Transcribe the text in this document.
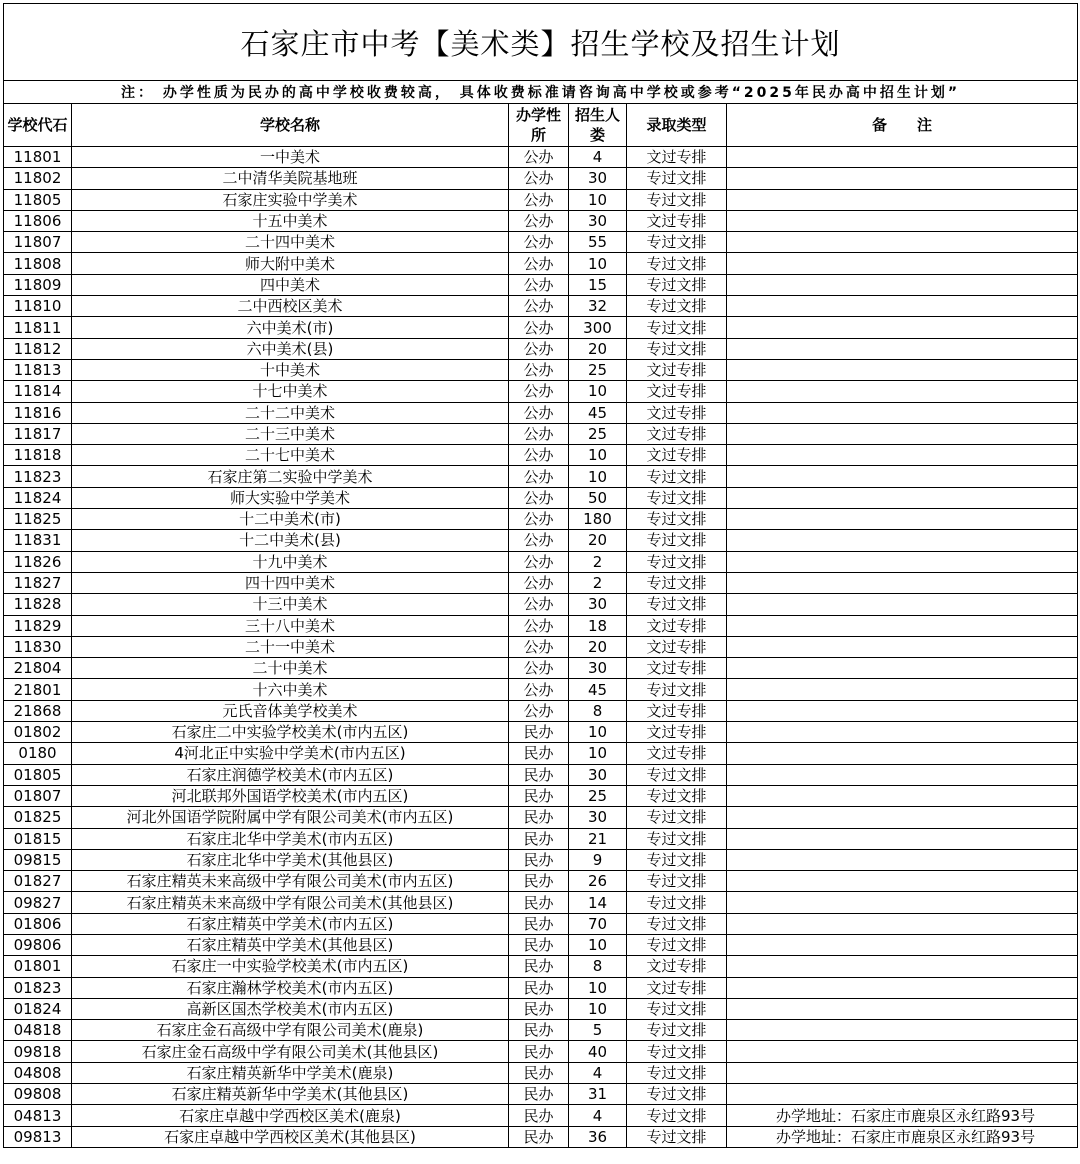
石家庄市中考【美术类】招生学校及招生计划					
注： 办学性质为民办的高中学校收费较高， 具体收费标准请咨询高中学校或参考“2025年民办高中招生计划”					
学校代石	学校名称	办学性所	招生人娄	录取类型	备　　注
11801	一中美术	公办	4	文过专排	
11802	二中清华美院基地班	公办	30	专过文排	
11805	石家庄实验中学美术	公办	10	专过文排	
11806	十五中美术	公办	30	文过专排	
11807	二十四中美术	公办	55	专过文排	
11808	师大附中美术	公办	10	专过文排	
11809	四中美术	公办	15	专过文排	
11810	二中西校区美术	公办	32	专过文排	
11811	六中美术(市)	公办	300	专过文排	
11812	六中美术(县)	公办	20	专过文排	
11813	十中美术	公办	25	文过专排	
11814	十七中美术	公办	10	文过专排	
11816	二十二中美术	公办	45	文过专排	
11817	二十三中美术	公办	25	文过专排	
11818	二十七中美术	公办	10	文过专排	
11823	石家庄第二实验中学美术	公办	10	专过文排	
11824	师大实验中学美术	公办	50	专过文排	
11825	十二中美术(市)	公办	180	专过文排	
11831	十二中美术(县)	公办	20	专过文排	
11826	十九中美术	公办	2	专过文排	
11827	四十四中美术	公办	2	专过文排	
11828	十三中美术	公办	30	专过文排	
11829	三十八中美术	公办	18	文过专排	
11830	二十一中美术	公办	20	文过专排	
21804	二十中美术	公办	30	文过专排	
21801	十六中美术	公办	45	专过文排	
21868	元氏音体美学校美术	公办	8	文过专排	
01802	石家庄二中实验学校美术(市内五区)	民办	10	文过专排	
0180	4河北正中实验中学美术(市内五区)	民办	10	文过专排	
01805	石家庄润德学校美术(市内五区)	民办	30	专过文排	
01807	河北联邦外国语学校美术(市内五区)	民办	25	专过文排	
01825	河北外国语学院附属中学有限公司美术(市内五区)	民办	30	专过文排	
01815	石家庄北华中学美术(市内五区)	民办	21	专过文排	
09815	石家庄北华中学美术(其他县区)	民办	9	专过文排	
01827	石家庄精英未来高级中学有限公司美术(市内五区)	民办	26	专过文排	
09827	石家庄精英未来高级中学有限公司美术(其他县区)	民办	14	专过文排	
01806	石家庄精英中学美术(市内五区)	民办	70	专过文排	
09806	石家庄精英中学美术(其他县区)	民办	10	专过文排	
01801	石家庄一中实验学校美术(市内五区)	民办	8	文过专排	
01823	石家庄瀚林学校美术(市内五区)	民办	10	文过专排	
01824	高新区国杰学校美术(市内五区)	民办	10	专过文排	
04818	石家庄金石高级中学有限公司美术(鹿泉)	民办	5	专过文排	
09818	石家庄金石高级中学有限公司美术(其他县区)	民办	40	专过文排	
04808	石家庄精英新华中学美术(鹿泉)	民办	4	专过文排	
09808	石家庄精英新华中学美术(其他县区)	民办	31	专过文排	
04813	石家庄卓越中学西校区美术(鹿泉)	民办	4	专过文排	办学地址：石家庄市鹿泉区永红路93号
09813	石家庄卓越中学西校区美术(其他县区)	民办	36	专过文排	办学地址：石家庄市鹿泉区永红路93号
